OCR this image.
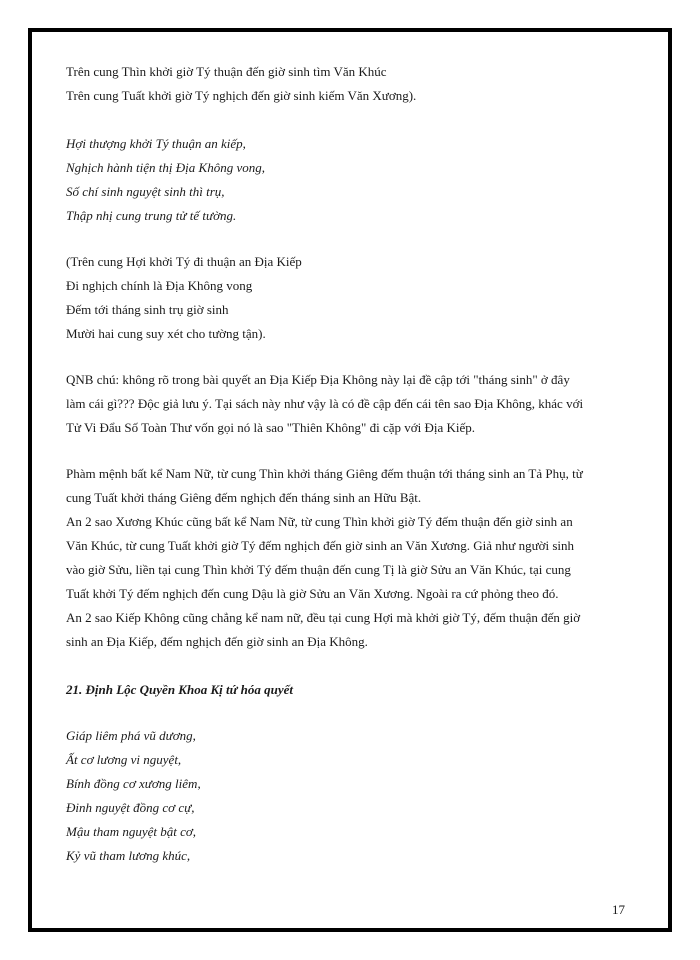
Trên cung Thìn khởi giờ Tý thuận đến giờ sinh tìm Văn Khúc
Trên cung Tuất khởi giờ Tý nghịch đến giờ sinh kiếm Văn Xương).
Hợi thượng khởi Tý thuận an kiếp,
Nghịch hành tiện thị Địa Không vong,
Số chí sinh nguyệt sinh thì trụ,
Thập nhị cung trung tử tế tường.
(Trên cung Hợi khởi Tý đi thuận an Địa Kiếp
Đi nghịch chính là Địa Không vong
Đếm tới tháng sinh trụ giờ sinh
Mười hai cung suy xét cho tường tận).
QNB chú: không rõ trong bài quyết an Địa Kiếp Địa Không này lại đề cập tới "tháng sinh" ở đây
làm cái gì??? Độc giả lưu ý. Tại sách này như vậy là có đề cập đến cái tên sao Địa Không, khác với
Tử Vi Đẩu Số Toàn Thư vốn gọi nó là sao "Thiên Không" đi cặp với Địa Kiếp.
Phàm mệnh bất kể Nam Nữ, từ cung Thìn khởi tháng Giêng đếm thuận tới tháng sinh an Tả Phụ, từ
cung Tuất khởi tháng Giêng đếm nghịch đến tháng sinh an Hữu Bật.
An 2 sao Xương Khúc cũng bất kể Nam Nữ, từ cung Thìn khởi giờ Tý đếm thuận đến giờ sinh an
Văn Khúc, từ cung Tuất khởi giờ Tý đếm nghịch đến giờ sinh an Văn Xương. Giả như người sinh
vào giờ Sửu, liền tại cung Thìn khởi Tý đếm thuận đến cung Tị là giờ Sửu an Văn Khúc, tại cung
Tuất khởi Tý đếm nghịch đến cung Dậu là giờ Sửu an Văn Xương. Ngoài ra cứ phỏng theo đó.
An 2 sao Kiếp Không cũng chẳng kể nam nữ, đều tại cung Hợi mà khởi giờ Tý, đếm thuận đến giờ
sinh an Địa Kiếp, đếm nghịch đến giờ sinh an Địa Không.
21. Định Lộc Quyền Khoa Kị tứ hóa quyết
Giáp liêm phá vũ dương,
Ất cơ lương vi nguyệt,
Bính đồng cơ xương liêm,
Đinh nguyệt đồng cơ cự,
Mậu tham nguyệt bật cơ,
Kỷ vũ tham lương khúc,
17
